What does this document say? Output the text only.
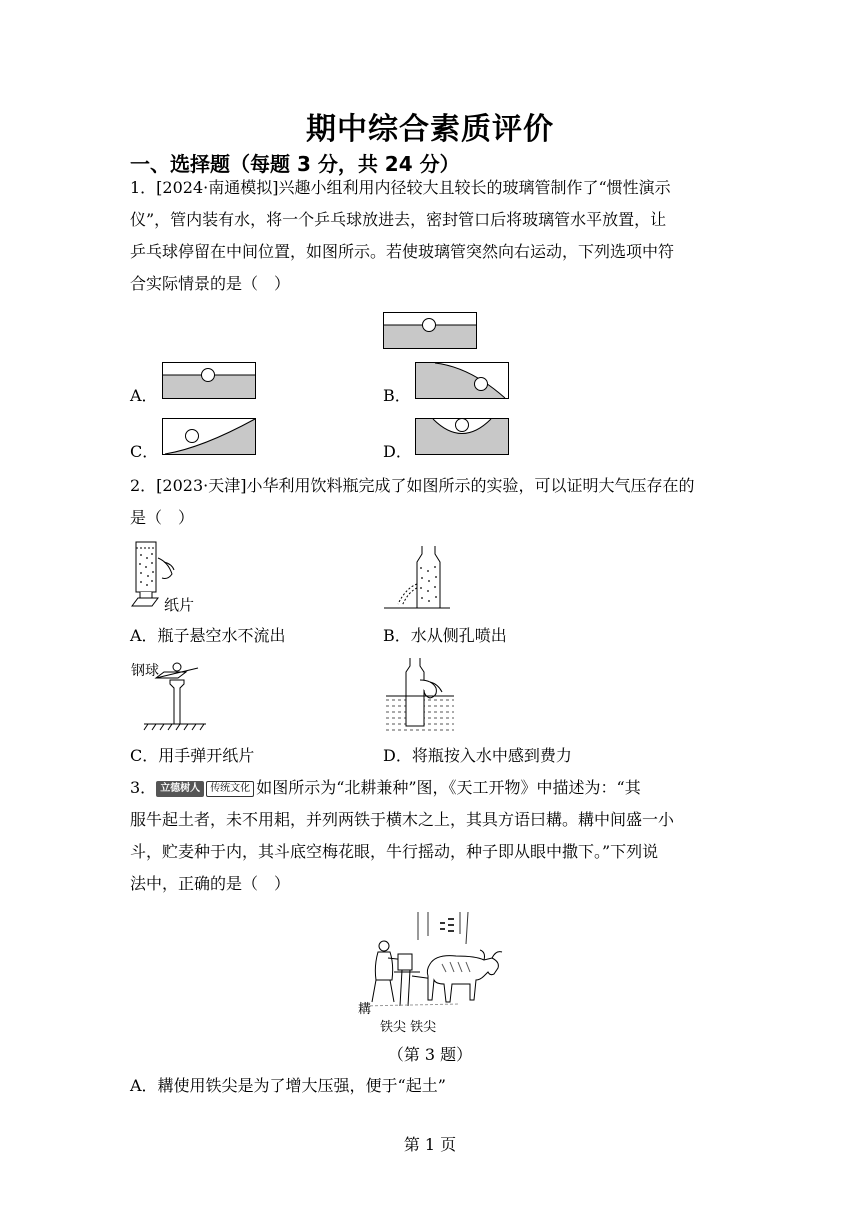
期中综合素质评价
一、选择题（每题 3 分，共 24 分）
1．[2024·南通模拟]兴趣小组利用内径较大且较长的玻璃管制作了“惯性演示
仪”，管内装有水，将一个乒乓球放进去，密封管口后将玻璃管水平放置，让
乒乓球停留在中间位置，如图所示。若使玻璃管突然向右运动，下列选项中符
合实际情景的是（　）
A．	B．
C．	D．
2．[2023·天津]小华利用饮料瓶完成了如图所示的实验，可以证明大气压存在的
是（　）
纸片
A．瓶子悬空水不流出	B．水从侧孔喷出
钢球
C．用手弹开纸片	D．将瓶按入水中感到费力
3． 立德树人 传统文化 如图所示为“北耕兼种”图，《天工开物》中描述为：“其
服牛起土者，未不用耜，并列两铁于横木之上，其具方语曰耩。耩中间盛一小
斗，贮麦种于内，其斗底空梅花眼，牛行摇动，种子即从眼中撒下。”下列说
法中，正确的是（　）
耩
铁尖 铁尖
（第 3 题）
A．耩使用铁尖是为了增大压强，便于“起土”
第 1 页
